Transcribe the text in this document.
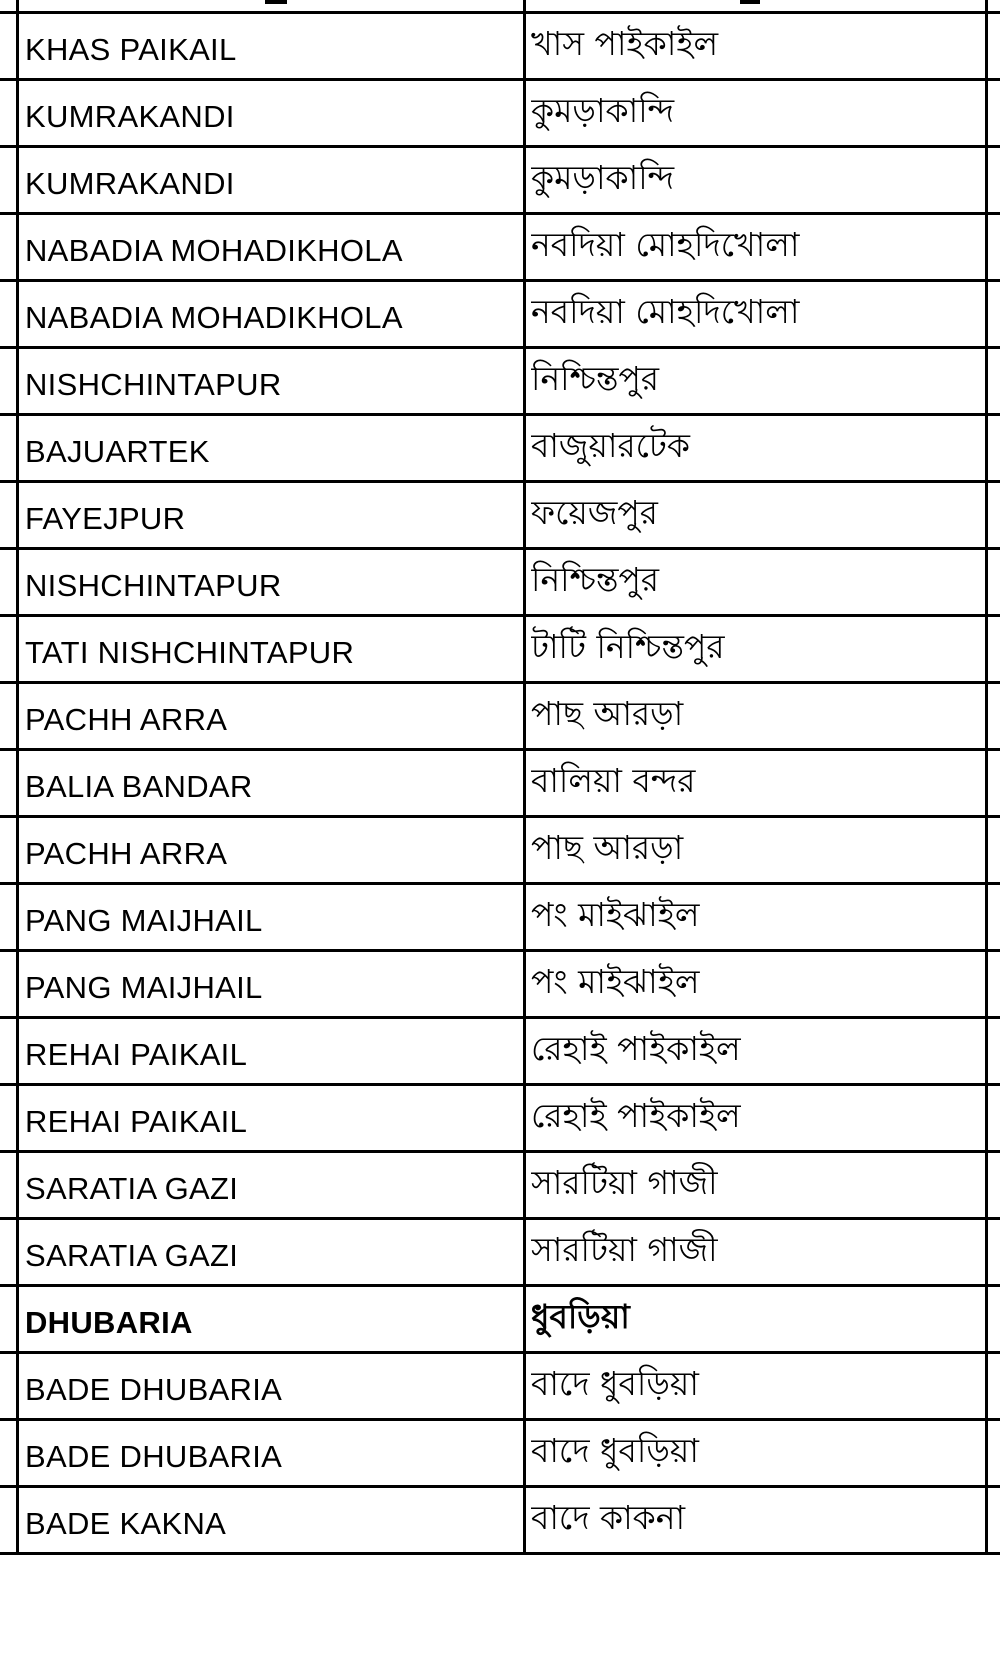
KHAS PAIKAIL	খাস পাইকাইল
KUMRAKANDI	কুমড়াকান্দি
KUMRAKANDI	কুমড়াকান্দি
NABADIA MOHADIKHOLA	নবদিয়া মোহদিখোলা
NABADIA MOHADIKHOLA	নবদিয়া মোহদিখোলা
NISHCHINTAPUR	নিশ্চিন্তপুর
BAJUARTEK	বাজুয়ারটেক
FAYEJPUR	ফয়েজপুর
NISHCHINTAPUR	নিশ্চিন্তপুর
TATI NISHCHINTAPUR	টাটি নিশ্চিন্তপুর
PACHH ARRA	পাছ আরড়া
BALIA BANDAR	বালিয়া বন্দর
PACHH ARRA	পাছ আরড়া
PANG MAIJHAIL	পং মাইঝাইল
PANG MAIJHAIL	পং মাইঝাইল
REHAI PAIKAIL	রেহাই পাইকাইল
REHAI PAIKAIL	রেহাই পাইকাইল
SARATIA GAZI	সারটিয়া গাজী
SARATIA GAZI	সারটিয়া গাজী
DHUBARIA	ধুবড়িয়া
BADE DHUBARIA	বাদে ধুবড়িয়া
BADE DHUBARIA	বাদে ধুবড়িয়া
BADE KAKNA	বাদে কাকনা
